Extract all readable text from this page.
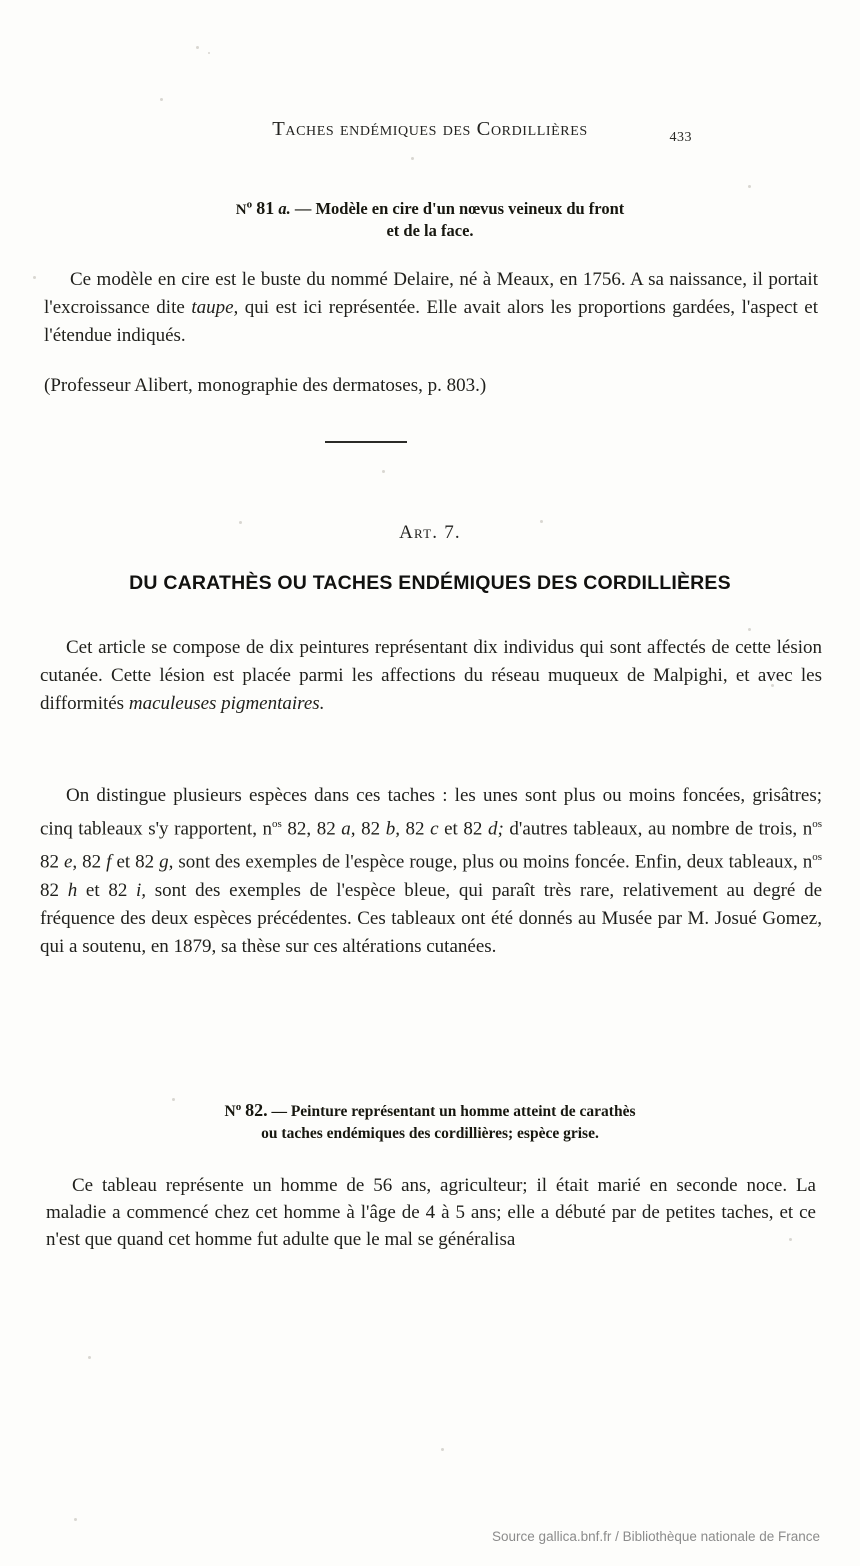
Taches endémiques des Cordillières	433
$N^o$ 81 a. — Modèle en cire d'un nœvus veineux du front
et de la face.
Ce modèle en cire est le buste du nommé Delaire, né à Meaux, en 1756. A sa naissance, il portait l'excroissance dite taupe, qui est ici représentée. Elle avait alors les proportions gardées, l'aspect et l'étendue indiqués.
(Professeur Alibert, monographie des dermatoses, p. 803.)
Art. 7.
DU CARATHÈS OU TACHES ENDÉMIQUES DES CORDILLIÈRES
Cet article se compose de dix peintures représentant dix individus qui sont affectés de cette lésion cutanée. Cette lésion est placée parmi les affections du réseau muqueux de Malpighi, et avec les difformités maculeuses pigmentaires.
On distingue plusieurs espèces dans ces taches : les unes sont plus ou moins foncées, grisâtres; cinq tableaux s'y rapportent, $n^{os}$ 82, 82 a, 82 b, 82 c et 82 d; d'autres tableaux, au nombre de trois, $n^{os}$ 82 e, 82 f et 82 g, sont des exemples de l'espèce rouge, plus ou moins foncée. Enfin, deux tableaux, $n^{os}$ 82 h et 82 i, sont des exemples de l'espèce bleue, qui paraît très rare, relativement au degré de fréquence des deux espèces précédentes. Ces tableaux ont été donnés au Musée par M. Josué Gomez, qui a soutenu, en 1879, sa thèse sur ces altérations cutanées.
$N^o$ 82. — Peinture représentant un homme atteint de carathès
ou taches endémiques des cordillières; espèce grise.
Ce tableau représente un homme de 56 ans, agriculteur; il était marié en seconde noce. La maladie a commencé chez cet homme à l'âge de 4 à 5 ans; elle a débuté par de petites taches, et ce n'est que quand cet homme fut adulte que le mal se généralisa
Source gallica.bnf.fr / Bibliothèque nationale de France
